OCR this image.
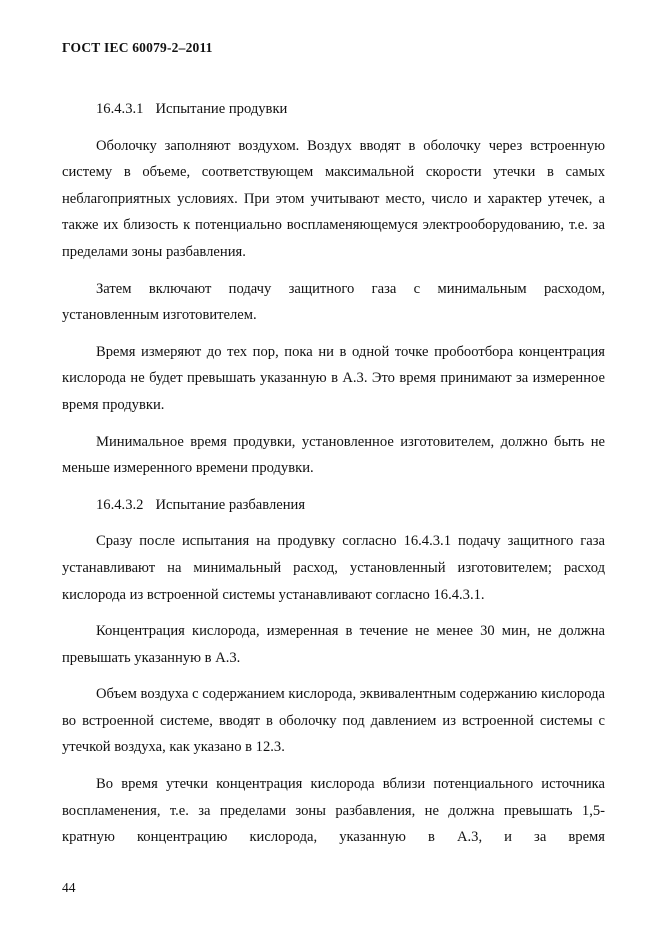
ГОСТ IEC 60079-2–2011

16.4.3.1 Испытание продувки

Оболочку заполняют воздухом. Воздух вводят в оболочку через встроенную систему в объеме, соответствующем максимальной скорости утечки в самых неблагоприятных условиях. При этом учитывают место, число и характер утечек, а также их близость к потенциально воспламеняющемуся электрооборудованию, т.е. за пределами зоны разбавления.

Затем включают подачу защитного газа с минимальным расходом, установленным изготовителем.

Время измеряют до тех пор, пока ни в одной точке пробоотбора концентрация кислорода не будет превышать указанную в А.3. Это время принимают за измеренное время продувки.

Минимальное время продувки, установленное изготовителем, должно быть не меньше измеренного времени продувки.

16.4.3.2 Испытание разбавления

Сразу после испытания на продувку согласно 16.4.3.1 подачу защитного газа устанавливают на минимальный расход, установленный изготовителем; расход кислорода из встроенной системы устанавливают согласно 16.4.3.1.

Концентрация кислорода, измеренная в течение не менее 30 мин, не должна превышать указанную в А.3.

Объем воздуха с содержанием кислорода, эквивалентным содержанию кислорода во встроенной системе, вводят в оболочку под давлением из встроенной системы с утечкой воздуха, как указано в 12.3.

Во время утечки концентрация кислорода вблизи потенциального источника воспламенения, т.е. за пределами зоны разбавления, не должна превышать 1,5-кратную концентрацию кислорода, указанную в А.3, и за время

44
